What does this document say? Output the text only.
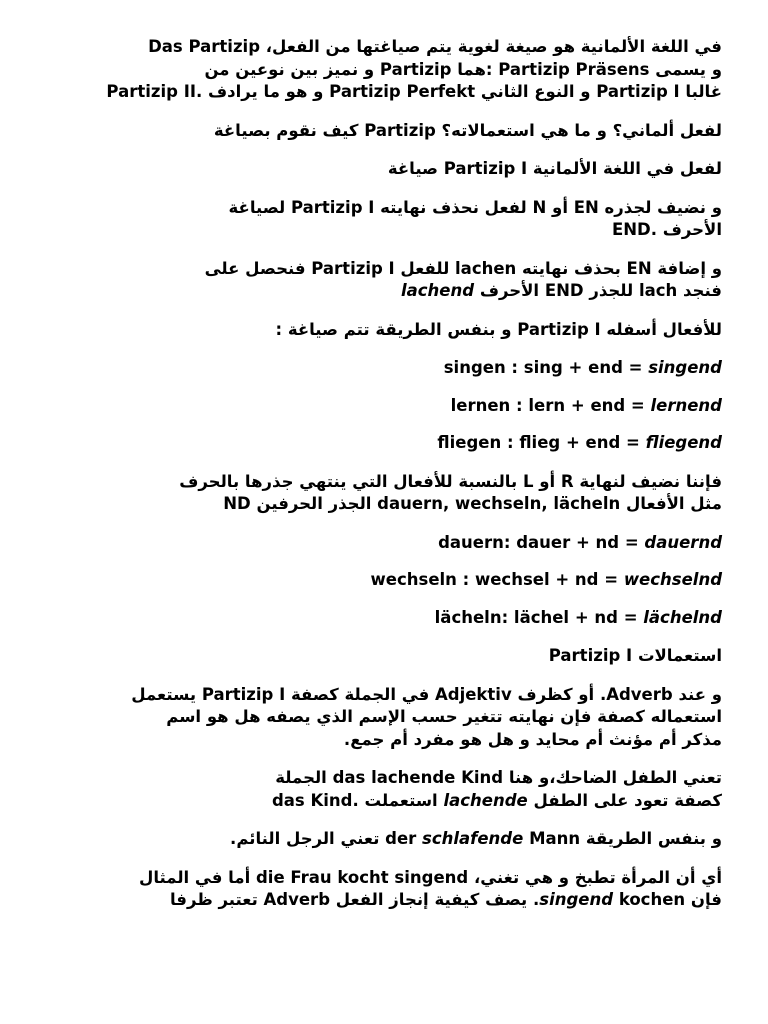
في اللغة الألمانية هو صيغة لغوية يتم صياغتها من الفعل، Das Partizip
و يسمى Partizip Präsens :هما Partizip و نميز بين نوعين من
Partizip II. و هو ما يرادف Partizip Perfekt و النوع الثاني Partizip I غالبا
لفعل ألماني؟ و ما هي استعمالاته؟ Partizip كيف نقوم بصياغة
لفعل في اللغة الألمانية Partizip I صياغة
و نضيف لجذره EN أو N لفعل نحذف نهايته Partizip I لصياغة
END. الأحرف
و إضافة EN بحذف نهايته lachen للفعل Partizip I فنحصل على
فنجد lach للجذر END الأحرف lachend
للأفعال أسفله Partizip I و بنفس الطريقة تتم صياغة :
singen : sing + end = singend
lernen : lern + end = lernend
fliegen : flieg + end = fliegend
فإننا نضيف لنهاية R أو L بالنسبة للأفعال التي ينتهي جذرها بالحرف
مثل الأفعال dauern, wechseln, lächeln الجذر الحرفين ND
dauern: dauer + nd = dauernd
wechseln : wechsel + nd = wechselnd
lächeln: lächel + nd = lächelnd
Partizip I استعمالات
و عند Adverb. أو كظرف Adjektiv في الجملة كصفة Partizip I يستعمل
استعماله كصفة فإن نهايته تتغير حسب الإسم الذي يصفه هل هو اسم
مذكر أم مؤنث أم محايد و هل هو مفرد أم جمع.
تعني الطفل الضاحك،و هنا das lachende Kind الجملة
das Kind. استعملت lachende كصفة تعود على الطفل
و بنفس الطريقة der schlafende Mann تعني الرجل النائم.
أي أن المرأة تطبخ و هي تغني، die Frau kocht singend أما في المثال
فإن singend kochen. يصف كيفية إنجاز الفعل Adverb تعتبر ظرفا
